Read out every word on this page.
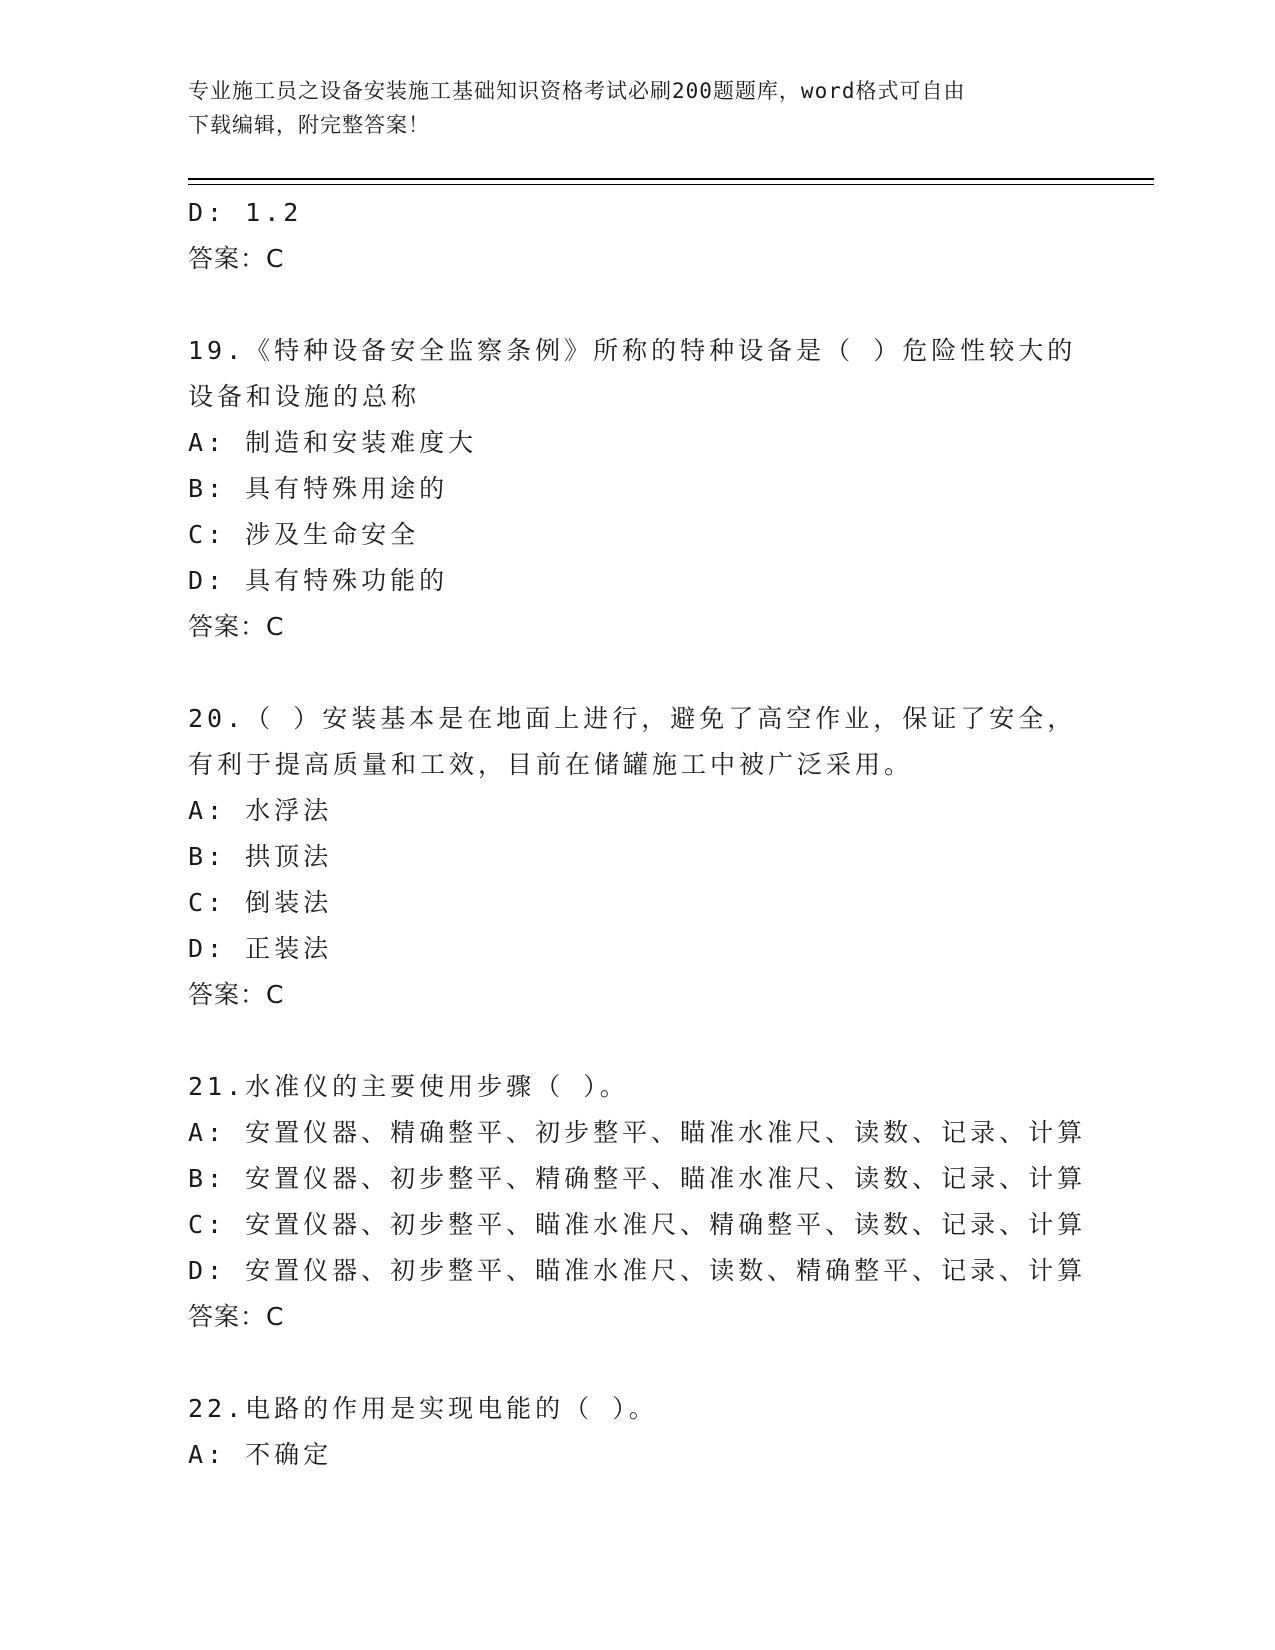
专业施工员之设备安装施工基础知识资格考试必刷200题题库，word格式可自由
下载编辑，附完整答案！
D: 1.2
答案：C
19.《特种设备安全监察条例》所称的特种设备是（ ）危险性较大的
设备和设施的总称
A: 制造和安装难度大
B: 具有特殊用途的
C: 涉及生命安全
D: 具有特殊功能的
答案：C
20.（ ）安装基本是在地面上进行，避免了高空作业，保证了安全，
有利于提高质量和工效，目前在储罐施工中被广泛采用。
A: 水浮法
B: 拱顶法
C: 倒装法
D: 正装法
答案：C
21.水准仪的主要使用步骤（ ）。
A: 安置仪器、精确整平、初步整平、瞄准水准尺、读数、记录、计算
B: 安置仪器、初步整平、精确整平、瞄准水准尺、读数、记录、计算
C: 安置仪器、初步整平、瞄准水准尺、精确整平、读数、记录、计算
D: 安置仪器、初步整平、瞄准水准尺、读数、精确整平、记录、计算
答案：C
22.电路的作用是实现电能的（ ）。
A: 不确定
